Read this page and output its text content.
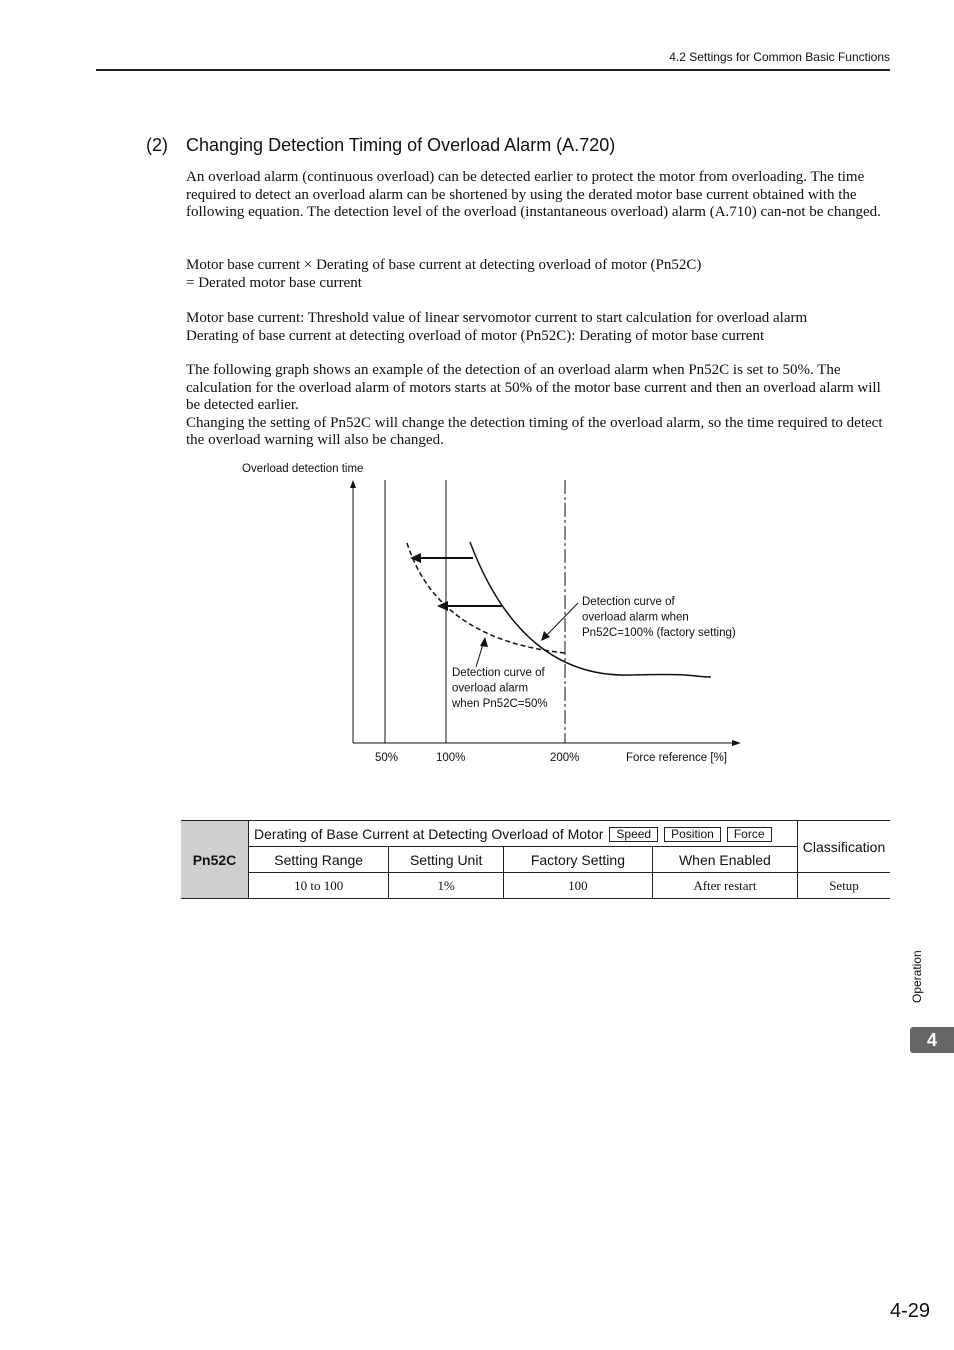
4.2 Settings for Common Basic Functions
(2) Changing Detection Timing of Overload Alarm (A.720)

An overload alarm (continuous overload) can be detected earlier to protect the motor from overloading. The time required to detect an overload alarm can be shortened by using the derated motor base current obtained with the following equation. The detection level of the overload (instantaneous overload) alarm (A.710) can-not be changed.

Motor base current × Derating of base current at detecting overload of motor (Pn52C)

= Derated motor base current

Motor base current: Threshold value of linear servomotor current to start calculation for overload alarm

Derating of base current at detecting overload of motor (Pn52C): Derating of motor base current

The following graph shows an example of the detection of an overload alarm when Pn52C is set to 50%. The calculation for the overload alarm of motors starts at 50% of the motor base current and then an overload alarm will be detected earlier.

Changing the setting of Pn52C will change the detection timing of the overload alarm, so the time required to detect the overload warning will also be changed.

Overload detection time
Detection curve of overload alarm when Pn52C=100% (factory setting)
Detection curve of overload alarm when Pn52C=50%
50%	100%	200%	Force reference [%]
Pn52C	Derating of Base Current at Detecting Overload of Motor Speed Position Force				Classification
	Setting Range	Setting Unit	Factory Setting	When Enabled	
	10 to 100	1%	100	After restart	Setup
Operation
4
4-29
